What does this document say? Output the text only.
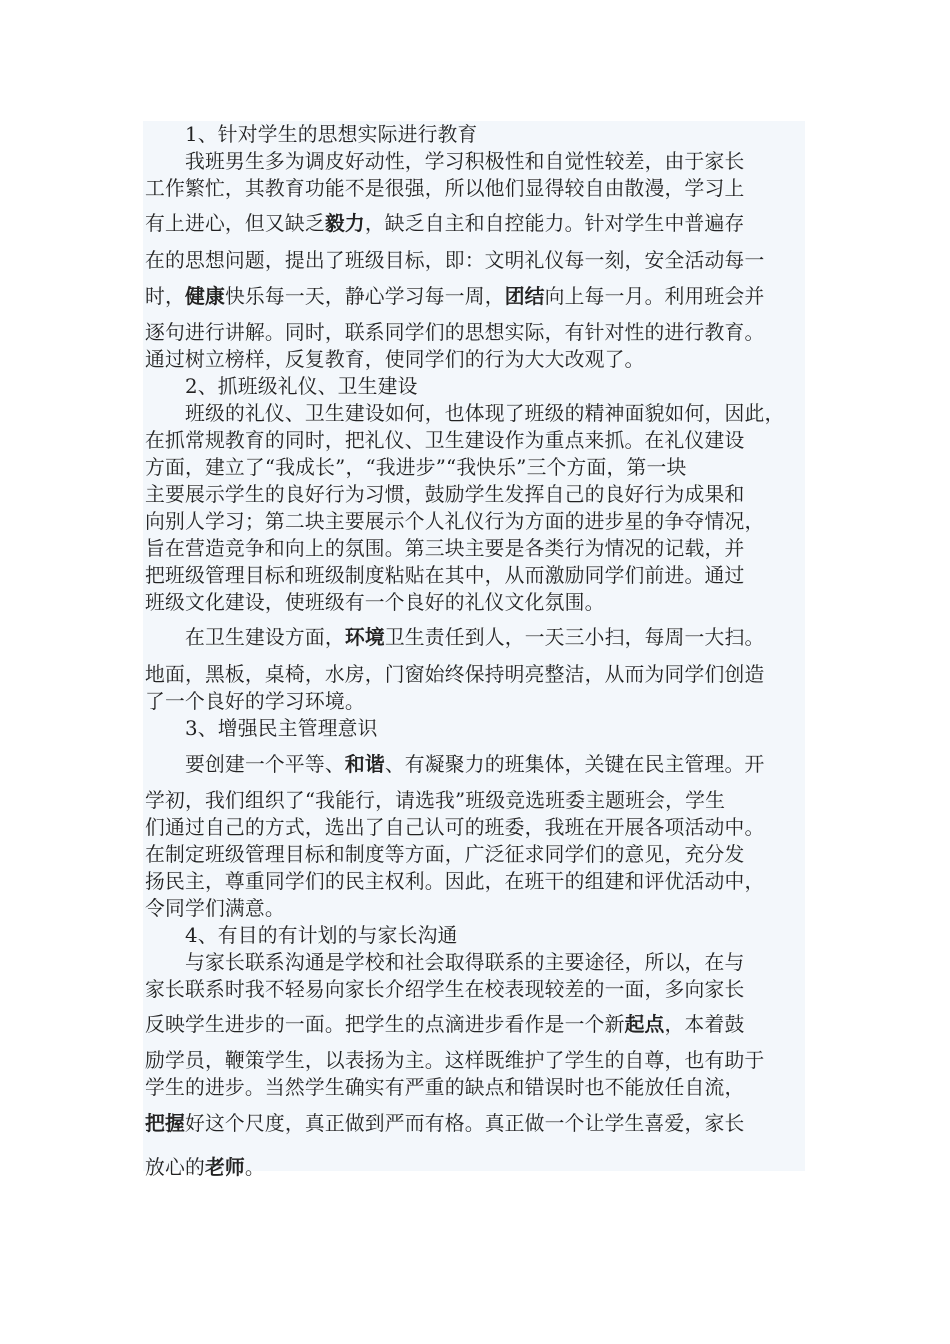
1、针对学生的思想实际进行教育
我班男生多为调皮好动性，学习积极性和自觉性较差，由于家长
工作繁忙，其教育功能不是很强，所以他们显得较自由散漫，学习上
有上进心，但又缺乏毅力，缺乏自主和自控能力。针对学生中普遍存
在的思想问题，提出了班级目标，即：文明礼仪每一刻，安全活动每一
时，健康快乐每一天，静心学习每一周，团结向上每一月。利用班会并
逐句进行讲解。同时，联系同学们的思想实际，有针对性的进行教育。
通过树立榜样，反复教育，使同学们的行为大大改观了。
2、抓班级礼仪、卫生建设
班级的礼仪、卫生建设如何，也体现了班级的精神面貌如何，因此，
在抓常规教育的同时，把礼仪、卫生建设作为重点来抓。在礼仪建设
方面，建立了“我成长”，“我进步”“我快乐”三个方面，第一块
主要展示学生的良好行为习惯，鼓励学生发挥自己的良好行为成果和
向别人学习；第二块主要展示个人礼仪行为方面的进步星的争夺情况，
旨在营造竞争和向上的氛围。第三块主要是各类行为情况的记载，并
把班级管理目标和班级制度粘贴在其中，从而激励同学们前进。通过
班级文化建设，使班级有一个良好的礼仪文化氛围。
在卫生建设方面，环境卫生责任到人，一天三小扫，每周一大扫。
地面，黑板，桌椅，水房，门窗始终保持明亮整洁，从而为同学们创造
了一个良好的学习环境。
3、增强民主管理意识
要创建一个平等、和谐、有凝聚力的班集体，关键在民主管理。开
学初，我们组织了“我能行，请选我”班级竞选班委主题班会，学生
们通过自己的方式，选出了自己认可的班委，我班在开展各项活动中。
在制定班级管理目标和制度等方面，广泛征求同学们的意见，充分发
扬民主，尊重同学们的民主权利。因此，在班干的组建和评优活动中，
令同学们满意。
4、有目的有计划的与家长沟通
与家长联系沟通是学校和社会取得联系的主要途径，所以，在与
家长联系时我不轻易向家长介绍学生在校表现较差的一面，多向家长
反映学生进步的一面。把学生的点滴进步看作是一个新起点，本着鼓
励学员，鞭策学生，以表扬为主。这样既维护了学生的自尊，也有助于
学生的进步。当然学生确实有严重的缺点和错误时也不能放任自流，
把握好这个尺度，真正做到严而有格。真正做一个让学生喜爱，家长
放心的老师。
